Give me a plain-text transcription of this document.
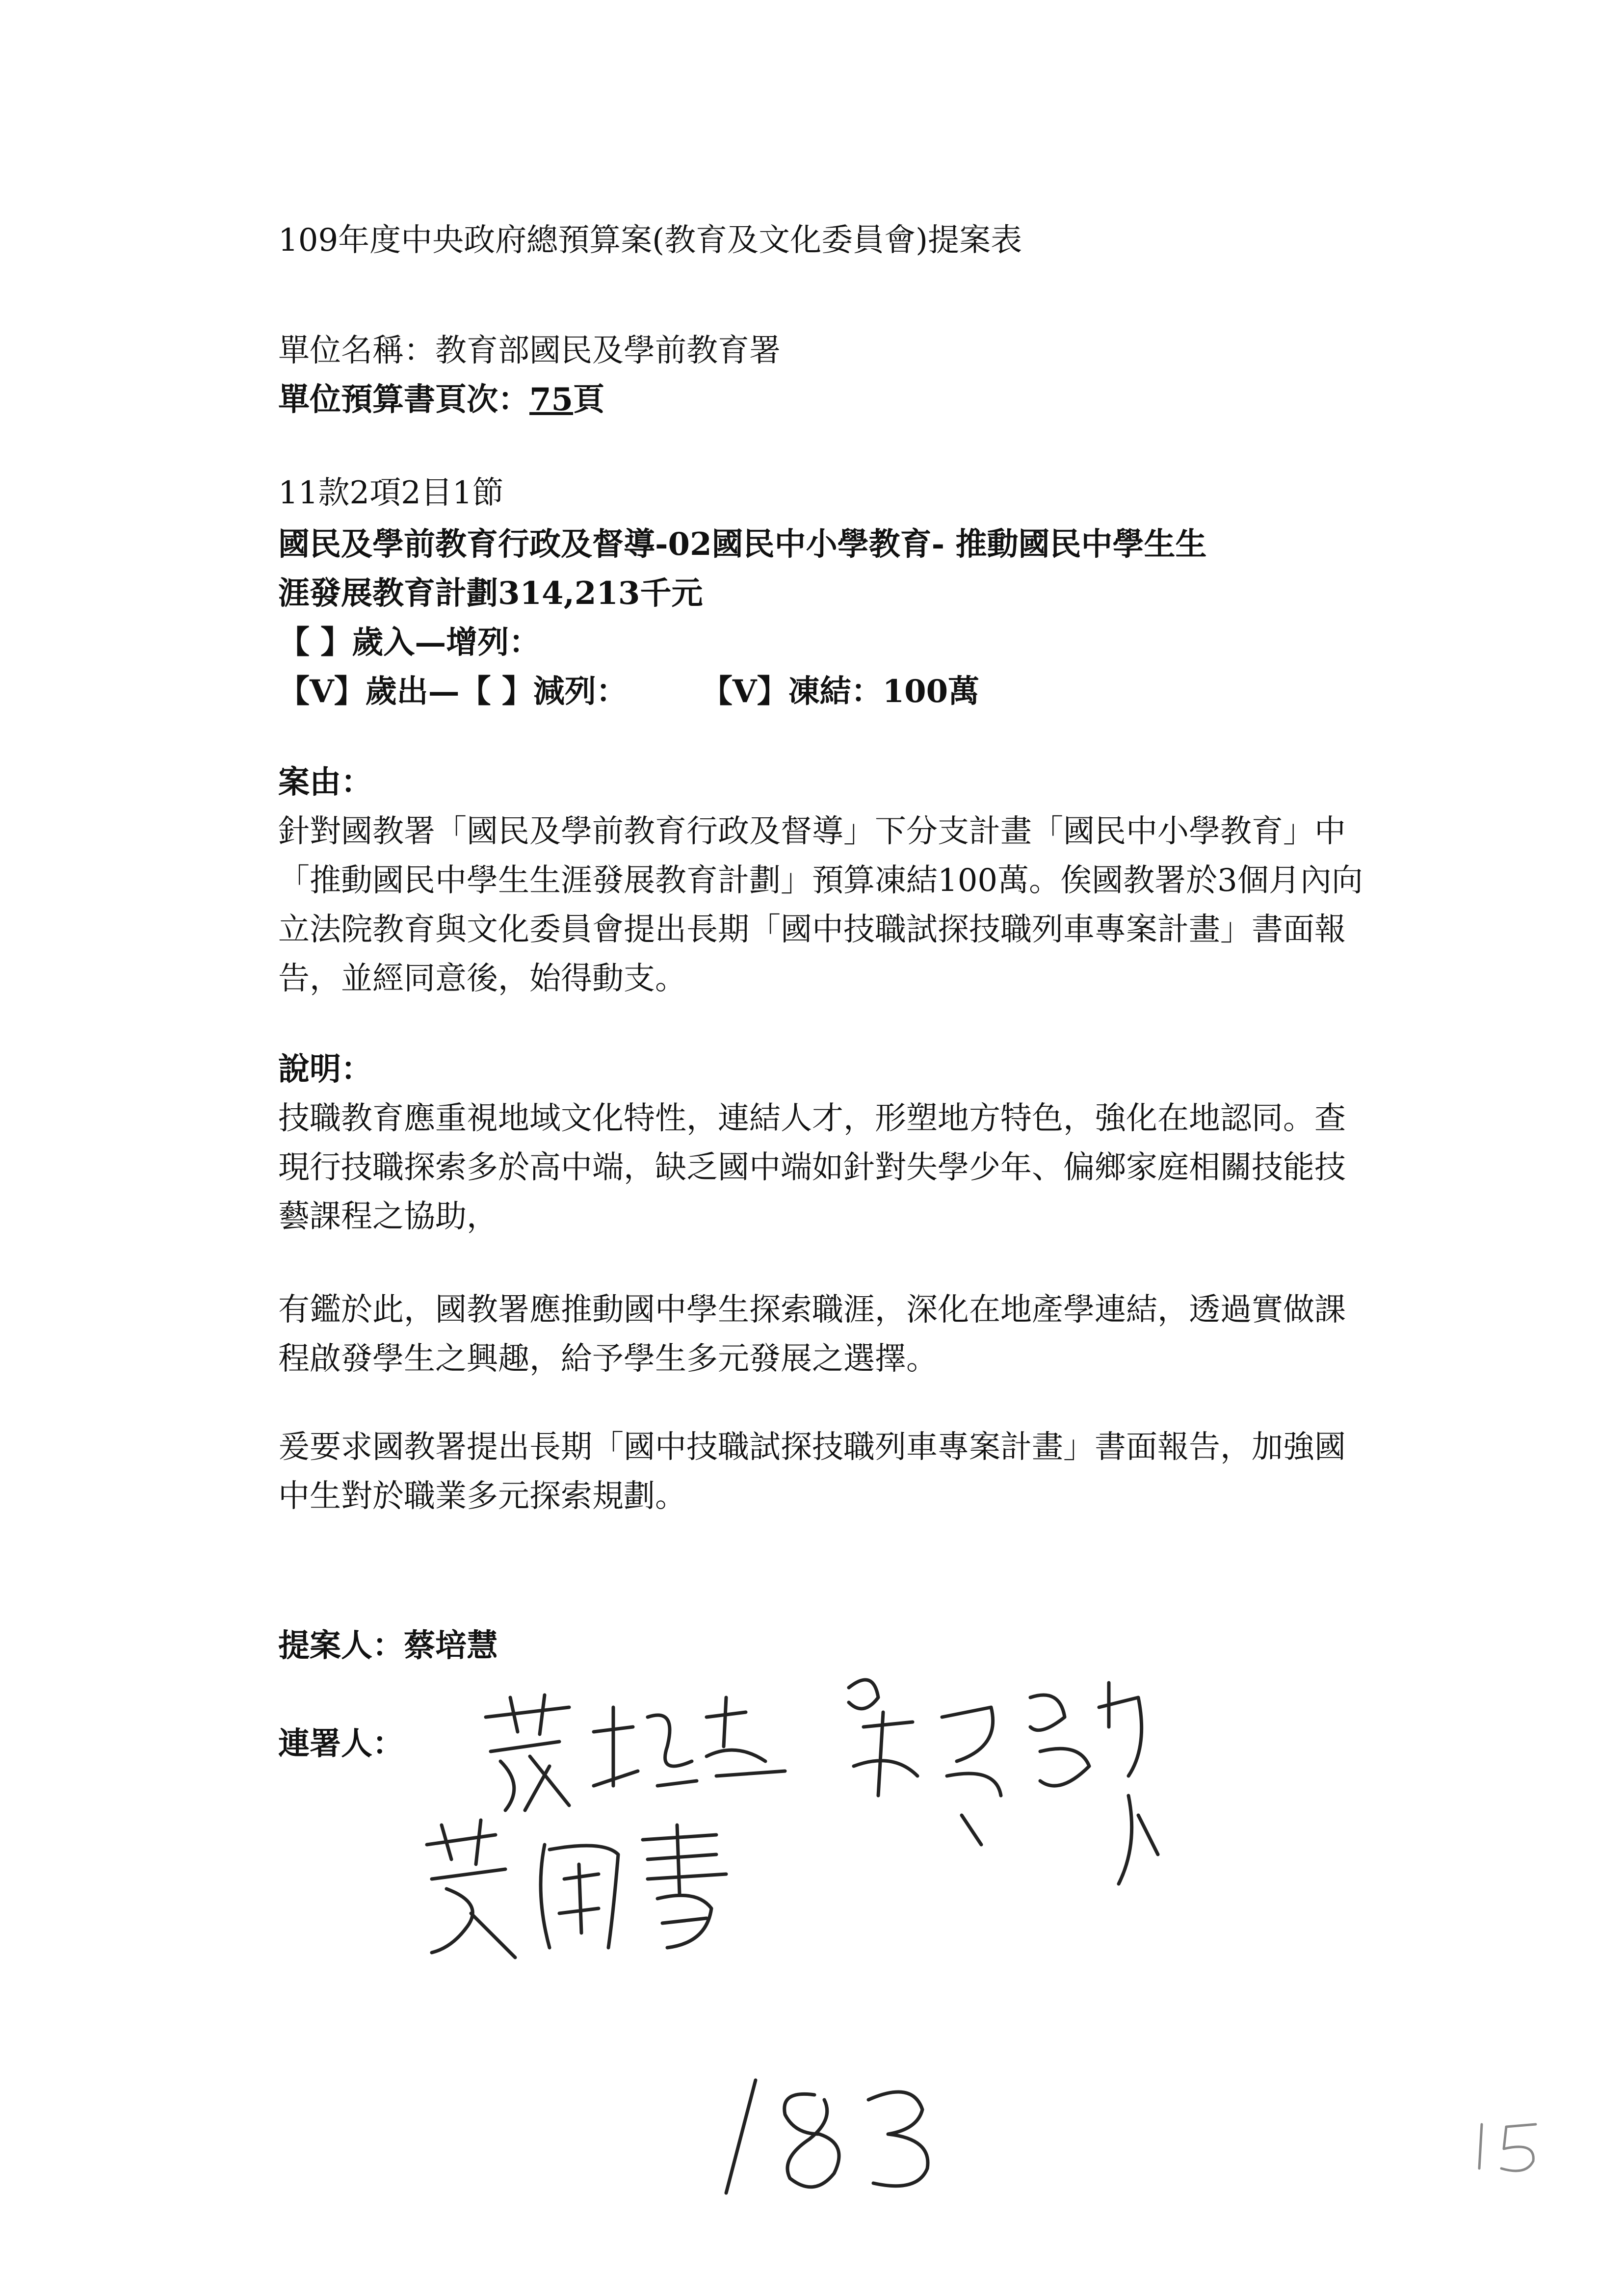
109年度中央政府總預算案(教育及文化委員會)提案表
單位名稱：教育部國民及學前教育署
單位預算書頁次：75頁
11款2項2目1節
國民及學前教育行政及督導-02國民中小學教育- 推動國民中學生生
涯發展教育計劃314,213千元
【 】歲入—增列：
【V】歲出—【 】減列： 【V】凍結：100萬
案由：
針對國教署「國民及學前教育行政及督導」下分支計畫「國民中小學教育」中「推動國民中學生生涯發展教育計劃」預算凍結100萬。俟國教署於3個月內向立法院教育與文化委員會提出長期「國中技職試探技職列車專案計畫」書面報告，並經同意後，始得動支。
說明：
技職教育應重視地域文化特性，連結人才，形塑地方特色，強化在地認同。查現行技職探索多於高中端，缺乏國中端如針對失學少年、偏鄉家庭相關技能技藝課程之協助，
有鑑於此，國教署應推動國中學生探索職涯，深化在地產學連結，透過實做課程啟發學生之興趣，給予學生多元發展之選擇。
爰要求國教署提出長期「國中技職試探技職列車專案計畫」書面報告，加強國中生對於職業多元探索規劃。
提案人：蔡培慧
連署人：
